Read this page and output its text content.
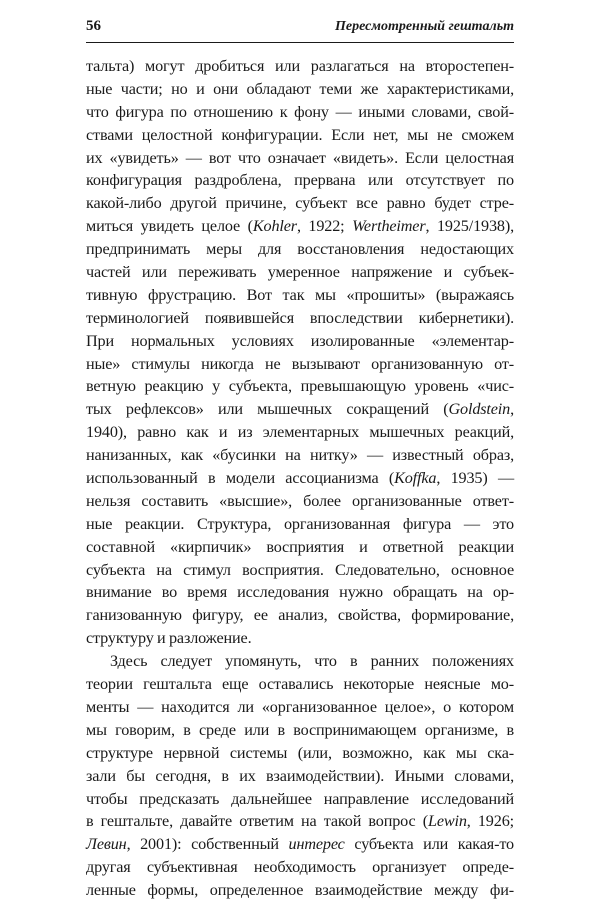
56	Пересмотренный гештальт
тальта) могут дробиться или разлагаться на второстепен-
ные части; но и они обладают теми же характеристиками,
что фигура по отношению к фону — иными словами, свой-
ствами целостной конфигурации. Если нет, мы не сможем
их «увидеть» — вот что означает «видеть». Если целостная
конфигурация раздроблена, прервана или отсутствует по
какой-либо другой причине, субъект все равно будет стре-
миться увидеть целое (Kohler, 1922; Wertheimer, 1925/1938),
предпринимать меры для восстановления недостающих
частей или переживать умеренное напряжение и субъек-
тивную фрустрацию. Вот так мы «прошиты» (выражаясь
терминологией появившейся впоследствии кибернетики).
При нормальных условиях изолированные «элементар-
ные» стимулы никогда не вызывают организованную от-
ветную реакцию у субъекта, превышающую уровень «чис-
тых рефлексов» или мышечных сокращений (Goldstein,
1940), равно как и из элементарных мышечных реакций,
нанизанных, как «бусинки на нитку» — известный образ,
использованный в модели ассоцианизма (Koffka, 1935) —
нельзя составить «высшие», более организованные ответ-
ные реакции. Структура, организованная фигура — это
составной «кирпичик» восприятия и ответной реакции
субъекта на стимул восприятия. Следовательно, основное
внимание во время исследования нужно обращать на ор-
ганизованную фигуру, ее анализ, свойства, формирование,
структуру и разложение.
Здесь следует упомянуть, что в ранних положениях
теории гештальта еще оставались некоторые неясные мо-
менты — находится ли «организованное целое», о котором
мы говорим, в среде или в воспринимающем организме, в
структуре нервной системы (или, возможно, как мы ска-
зали бы сегодня, в их взаимодействии). Иными словами,
чтобы предсказать дальнейшее направление исследований
в гештальте, давайте ответим на такой вопрос (Lewin, 1926;
Левин, 2001): собственный интерес субъекта или какая-то
другая субъективная необходимость организует опреде-
ленные формы, определенное взаимодействие между фи-
